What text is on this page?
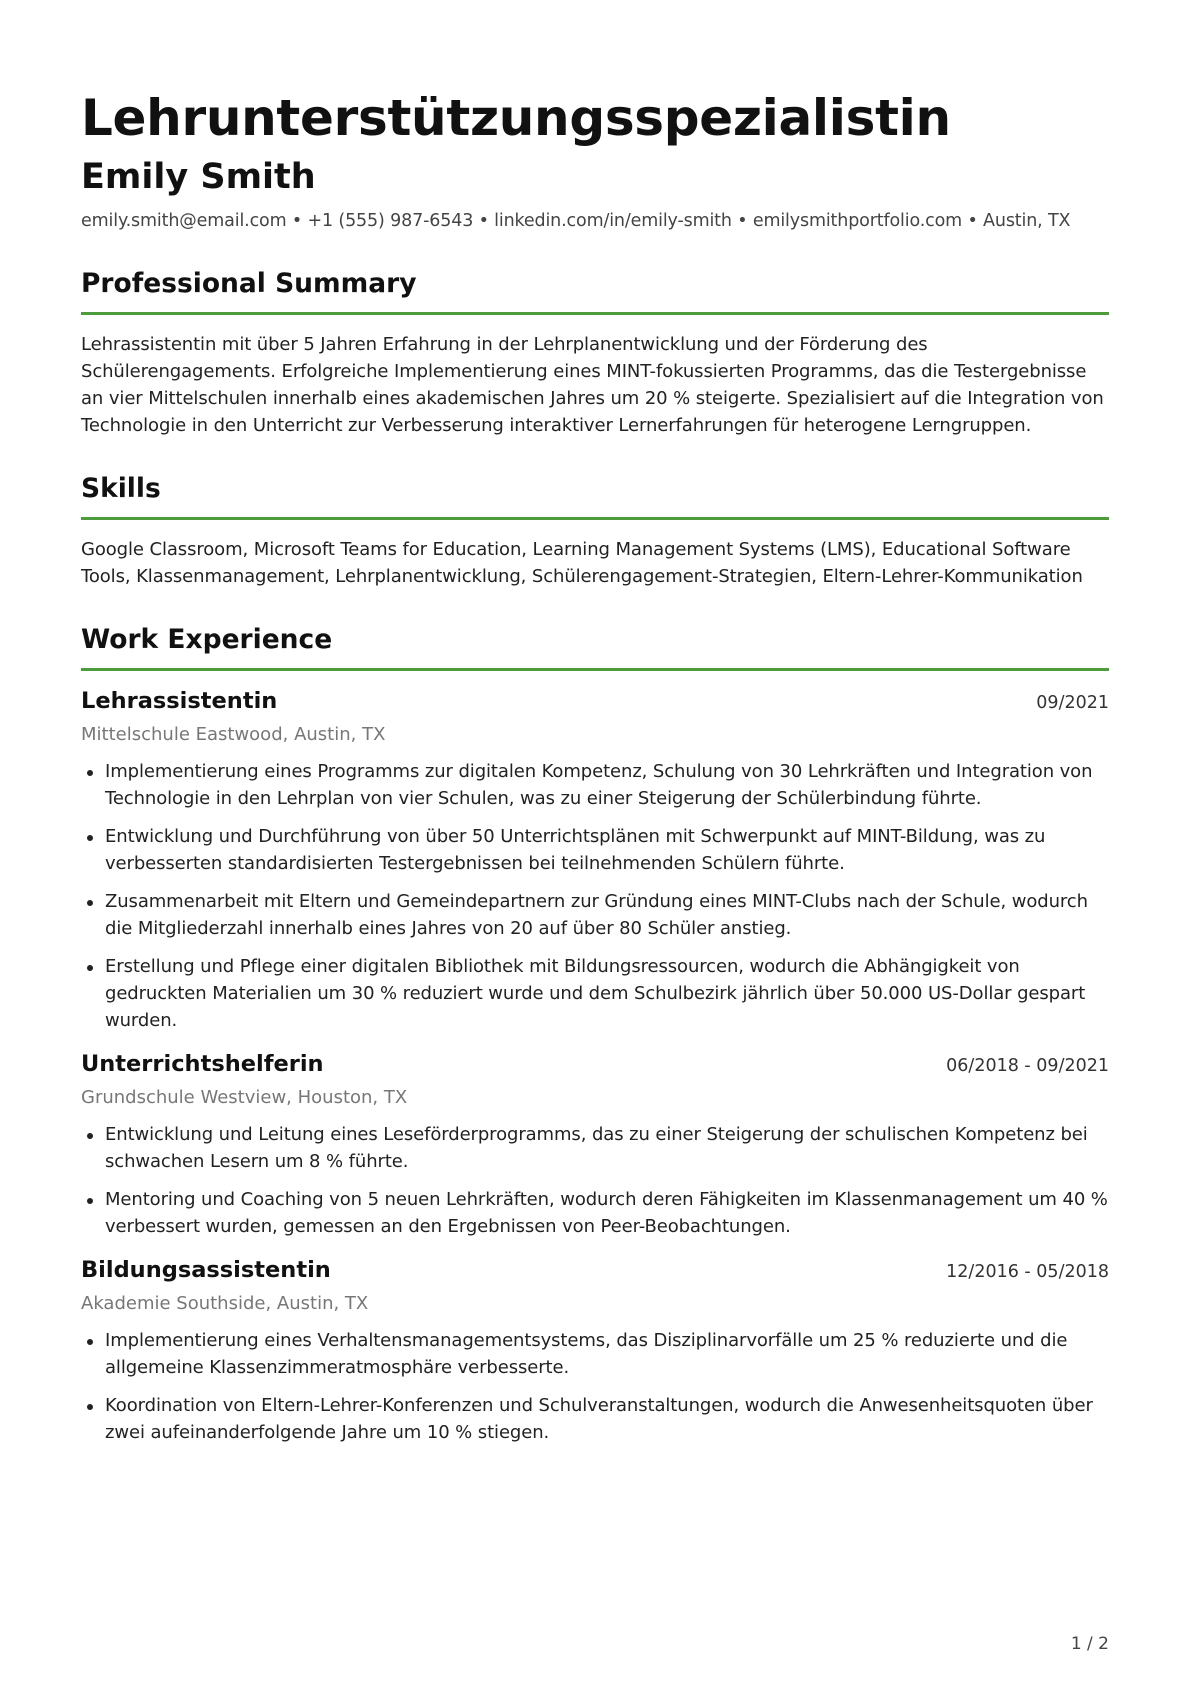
Lehrunterstützungsspezialistin
Emily Smith
emily.smith@email.com • +1 (555) 987-6543 • linkedin.com/in/emily-smith • emilysmithportfolio.com • Austin, TX
Professional Summary

Lehrassistentin mit über 5 Jahren Erfahrung in der Lehrplanentwicklung und der Förderung des Schülerengagements. Erfolgreiche Implementierung eines MINT-fokussierten Programms, das die Testergebnisse an vier Mittelschulen innerhalb eines akademischen Jahres um 20 % steigerte. Spezialisiert auf die Integration von Technologie in den Unterricht zur Verbesserung interaktiver Lernerfahrungen für heterogene Lerngruppen.

Skills

Google Classroom, Microsoft Teams for Education, Learning Management Systems (LMS), Educational Software Tools, Klassenmanagement, Lehrplanentwicklung, Schülerengagement-Strategien, Eltern-Lehrer-Kommunikation

Work Experience
Lehrassistentin	09/2021
Mittelschule Eastwood, Austin, TX
Implementierung eines Programms zur digitalen Kompetenz, Schulung von 30 Lehrkräften und Integration von Technologie in den Lehrplan von vier Schulen, was zu einer Steigerung der Schülerbindung führte.
Entwicklung und Durchführung von über 50 Unterrichtsplänen mit Schwerpunkt auf MINT-Bildung, was zu verbesserten standardisierten Testergebnissen bei teilnehmenden Schülern führte.
Zusammenarbeit mit Eltern und Gemeindepartnern zur Gründung eines MINT-Clubs nach der Schule, wodurch die Mitgliederzahl innerhalb eines Jahres von 20 auf über 80 Schüler anstieg.
Erstellung und Pflege einer digitalen Bibliothek mit Bildungsressourcen, wodurch die Abhängigkeit von gedruckten Materialien um 30 % reduziert wurde und dem Schulbezirk jährlich über 50.000 US-Dollar gespart wurden.
Unterrichtshelferin	06/2018 - 09/2021
Grundschule Westview, Houston, TX
Entwicklung und Leitung eines Leseförderprogramms, das zu einer Steigerung der schulischen Kompetenz bei schwachen Lesern um 8 % führte.
Mentoring und Coaching von 5 neuen Lehrkräften, wodurch deren Fähigkeiten im Klassenmanagement um 40 % verbessert wurden, gemessen an den Ergebnissen von Peer-Beobachtungen.
Bildungsassistentin	12/2016 - 05/2018
Akademie Southside, Austin, TX
Implementierung eines Verhaltensmanagementsystems, das Disziplinarvorfälle um 25 % reduzierte und die allgemeine Klassenzimmeratmosphäre verbesserte.
Koordination von Eltern-Lehrer-Konferenzen und Schulveranstaltungen, wodurch die Anwesenheitsquoten über zwei aufeinanderfolgende Jahre um 10 % stiegen.
1 / 2
